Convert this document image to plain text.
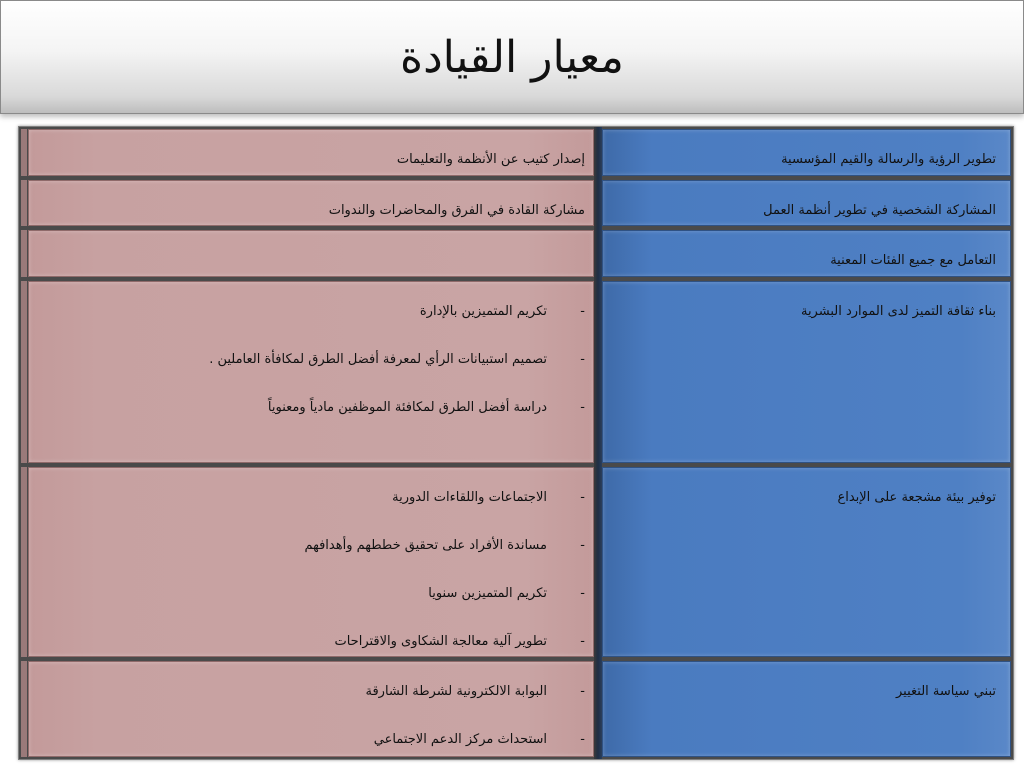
معيار القيادة
إصدار كتيب عن الأنظمة والتعليمات	تطوير الرؤية والرسالة والقيم المؤسسية
مشاركة القادة في الفرق والمحاضرات والندوات	المشاركة الشخصية في تطوير أنظمة العمل
التعامل مع جميع الفئات المعنية
-
تكريم المتميزين بالإدارة
-
تصميم استبيانات الرأي لمعرفة أفضل الطرق لمكافأة العاملين .
-
دراسة أفضل الطرق لمكافئة الموظفين مادياً ومعنوياً
بناء ثقافة التميز لدى الموارد البشرية
-
الاجتماعات واللقاءات الدورية
-
مساندة الأفراد على تحقيق خططهم وأهدافهم
-
تكريم المتميزين سنويا
-
تطوير آلية معالجة الشكاوى والاقتراحات
توفير بيئة مشجعة على الإبداع
-
البوابة الالكترونية لشرطة الشارقة
-
استحداث مركز الدعم الاجتماعي
تبني سياسة التغيير
